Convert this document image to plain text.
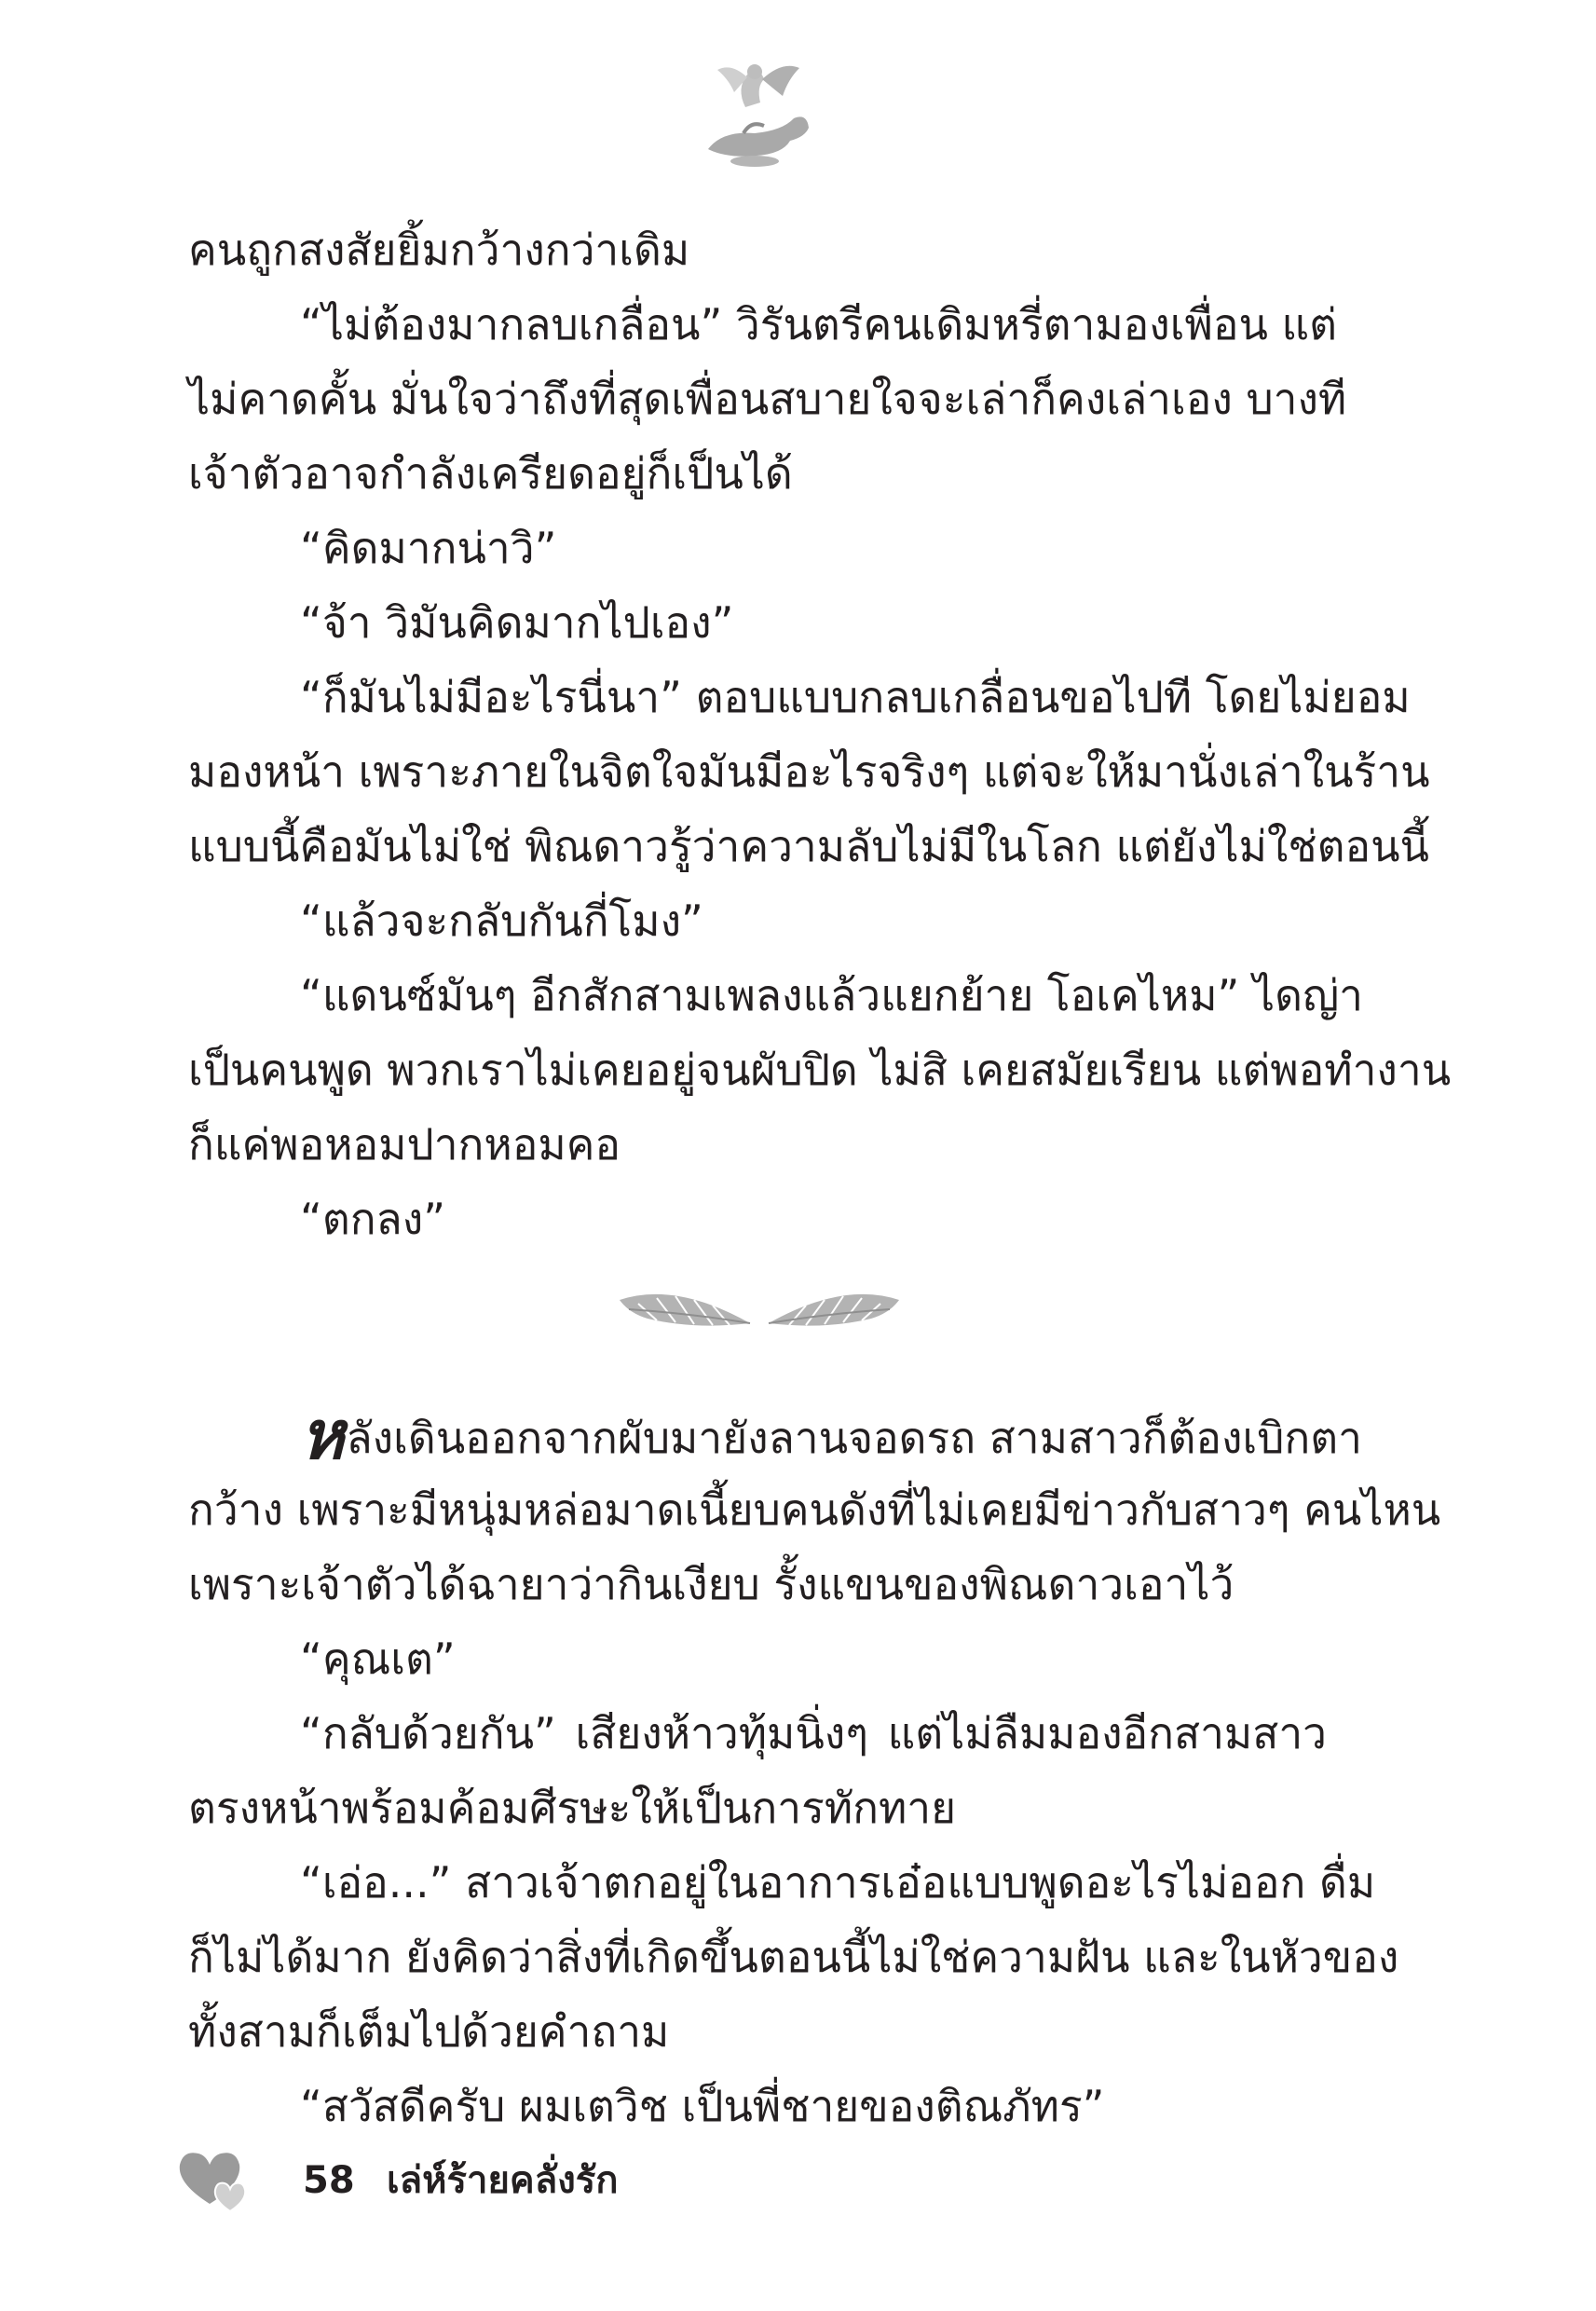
คนถูกสงสัยยิ้มกว้างกว่าเดิม
“ไม่ต้องมากลบเกลื่อน” วิรันตรีคนเดิมหรี่ตามองเพื่อน แต่
ไม่คาดคั้น มั่นใจว่าถึงที่สุดเพื่อนสบายใจจะเล่าก็คงเล่าเอง บางที
เจ้าตัวอาจกำลังเครียดอยู่ก็เป็นได้
“คิดมากน่าวิ”
“จ้า วิมันคิดมากไปเอง”
“ก็มันไม่มีอะไรนี่นา” ตอบแบบกลบเกลื่อนขอไปที โดยไม่ยอม
มองหน้า เพราะภายในจิตใจมันมีอะไรจริงๆ แต่จะให้มานั่งเล่าในร้าน
แบบนี้คือมันไม่ใช่ พิณดาวรู้ว่าความลับไม่มีในโลก แต่ยังไม่ใช่ตอนนี้
“แล้วจะกลับกันกี่โมง”
“แดนซ์มันๆ อีกสักสามเพลงแล้วแยกย้าย โอเคไหม” ไดญ่า
เป็นคนพูด พวกเราไม่เคยอยู่จนผับปิด ไม่สิ เคยสมัยเรียน แต่พอทำงาน
ก็แค่พอหอมปากหอมคอ
“ตกลง”
หลังเดินออกจากผับมายังลานจอดรถ สามสาวก็ต้องเบิกตา
กว้าง เพราะมีหนุ่มหล่อมาดเนี้ยบคนดังที่ไม่เคยมีข่าวกับสาวๆ คนไหน
เพราะเจ้าตัวได้ฉายาว่ากินเงียบ รั้งแขนของพิณดาวเอาไว้
“คุณเต”
“กลับด้วยกัน” เสียงห้าวทุ้มนิ่งๆ แต่ไม่ลืมมองอีกสามสาว
ตรงหน้าพร้อมค้อมศีรษะให้เป็นการทักทาย
“เอ่อ...” สาวเจ้าตกอยู่ในอาการเอ๋อแบบพูดอะไรไม่ออก ดื่ม
ก็ไม่ได้มาก ยังคิดว่าสิ่งที่เกิดขึ้นตอนนี้ไม่ใช่ความฝัน และในหัวของ
ทั้งสามก็เต็มไปด้วยคำถาม
“สวัสดีครับ ผมเตวิช เป็นพี่ชายของติณภัทร”
58 เล่ห์ร้ายคลั่งรัก
